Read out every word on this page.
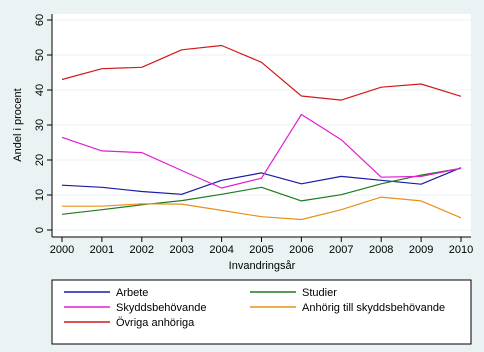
0
10
20
30
40
50
60
2000 2001 2002 2003 2004 2005 2006 2007 2008 2009 2010
Andel i procent
Invandringsår
Arbete	Studier
Skyddsbehövande	Anhörig till skyddsbehövande
Övriga anhöriga
